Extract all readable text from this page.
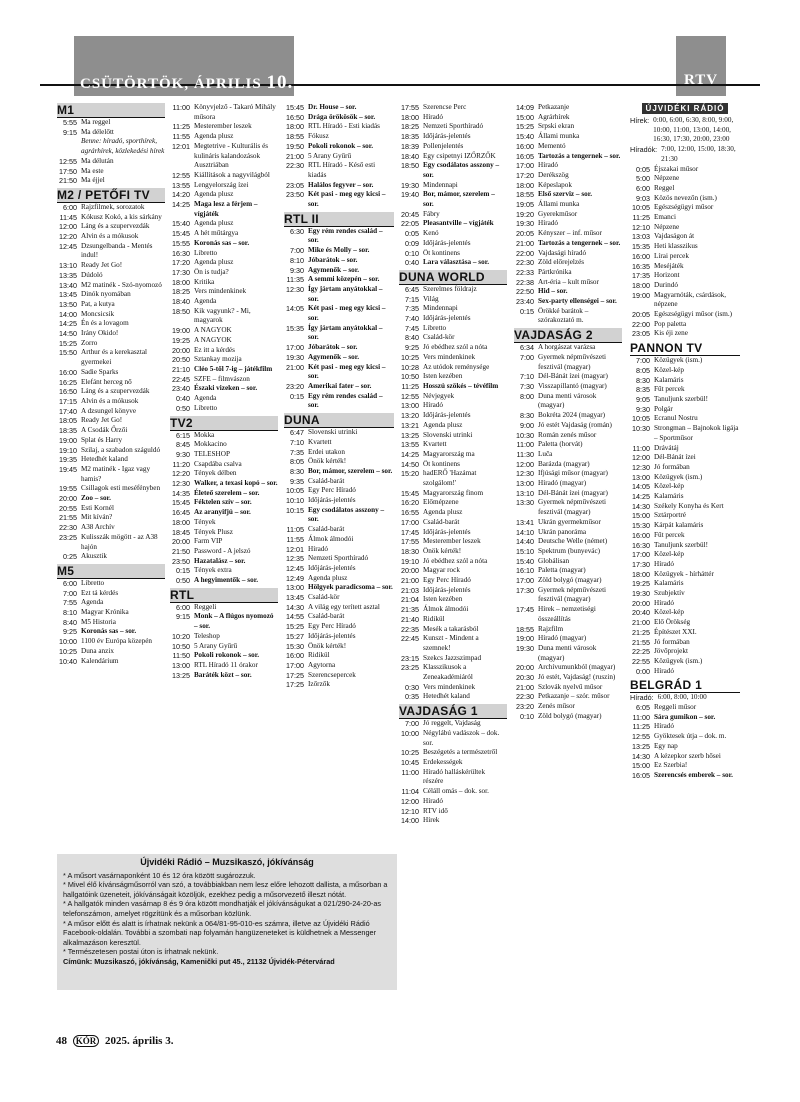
CSÜTÖRTÖK, ÁPRILIS 10.	RTV
M1
5:55 Ma reggel
9:15 Ma délelőtt
Benne: híradó, sporthírek, agrárhírek, közlekedési hírek
12:55 Ma délután
17:50 Ma este
21:50 Ma éjjel
M2 / PETŐFI TV
6:00 Rajzfilmek, sorozatok
11:45 Kókusz Kokó, a kis sárkány
12:00 Láng és a szupervezdák
12:20 Alvin és a mókusok
12:45 Dzsungelbanda - Mentés indul!
13:10 Ready Jet Go!
13:35 Dúdoló
13:40 M2 matinék - Szó-nyomozó
13:45 Dinók nyomában
13:50 Pat, a kutya
14:00 Moncsicsik
14:25 Én és a lovagom
14:50 Irány Okido!
15:25 Zorro
15:50 Arthur és a kerekasztal gyermekei
16:00 Sadie Sparks
16:25 Elefánt herceg nő
16:50 Láng és a szupervezdák
17:15 Alvin és a mókusok
17:40 A dzsungel könyve
18:05 Ready Jet Go!
18:35 A Csodák Őrzői
19:00 Splat és Harry
19:10 Szilaj, a szabadon száguldó
19:35 Hetedhét kaland
19:45 M2 matinék - Igaz vagy hamis?
19:55 Csillagok esti meséfényben
20:00 Zoo – sor.
20:55 Esti Kornél
21:55 Mit kíván?
22:30 A38 Archív
23:25 Kulisszák mögött - az A38 hajón
0:25 Akusztik
M5
6:00 Libretto
7:00 Ezt tá kérdés
7:55 Agenda
8:10 Magyar Krónika
8:40 M5 Historia
9:25 Koronás sas – sor.
10:00 1100 év Európa közepén
10:25 Duna anzix
10:40 Kalendárium
11:00 Könyvjelző - Takaró Mihály műsora
11:25 Mesterember leszek
11:55 Agenda plusz
12:01 Megtetrive - Kulturális és kulináris kalandozások Ausztriában
12:55 Kiállítások a nagyvilágból
13:55 Lengyelország ízei
14:20 Agenda plusz
14:25 Maga lesz a férjem – vígjáték
15:40 Agenda plusz
15:45 A hét műtárgya
15:55 Koronás sas – sor.
16:30 Libretto
17:20 Agenda plusz
17:30 Ön is tudja?
18:00 Kritika
18:25 Vers mindenkinek
18:40 Agenda
18:50 Kik vagyunk? - Mi, magyarok
19:00 A NAGYOK
19:25 A NAGYOK
20:00 Ez itt a kérdés
20:50 Sztankay mozija
21:10 Cléo 5-től 7-ig – játékfilm
22:45 SZFE – filmvászon
23:40 Északi vizeken – sor.
0:40 Agenda
0:50 Libretto
TV2
6:15 Mokka
8:45 Mokkacino
9:30 TELESHOP
11:20 Csapdába csalva
12:20 Tények délben
12:30 Walker, a texasi kopó – sor.
14:35 Életeő szerelem – sor.
15:45 Féktelen szív – sor.
16:45 Az aranyifjú – sor.
18:00 Tények
18:45 Tények Plusz
20:00 Farm VIP
21:50 Password - A jelszó
23:50 Hazatalász – sor.
0:15 Tények extra
0:50 A hegyimentők – sor.
RTL
6:00 Reggeli
9:15 Monk – A flúgos nyomozó – sor.
10:20 Teleshop
10:50 5 Arany Gyűrű
11:50 Pokoli rokonok – sor.
13:00 RTL Híradó 11 órakor
13:25 Baráték közt – sor.
15:45 Dr. House – sor.
16:50 Drága örökösök – sor.
18:00 RTL Híradó - Esti kiadás
18:55 Fókusz
19:50 Pokoli rokonok – sor.
21:00 5 Arany Gyűrű
22:30 RTL Híradó - Késő esti kiadás
23:05 Halálos fegyver – sor.
23:50 Két pasi - meg egy kicsi – sor.
RTL II
6:30 Egy rém rendes család – sor.
7:00 Mike és Molly – sor.
8:10 Jóbarátok – sor.
9:30 Agymenők – sor.
11:35 A semmi közepén – sor.
12:30 Így jártam anyátokkal – sor.
14:05 Két pasi - meg egy kicsi – sor.
15:35 Így jártam anyátokkal – sor.
17:00 Jóbarátok – sor.
19:30 Agymenők – sor.
21:00 Két pasi - meg egy kicsi – sor.
23:20 Amerikai fater – sor.
0:15 Egy rém rendes család – sor.
DUNA
6:47 Slovenski utrinki
7:10 Kvartett
7:35 Erdei utakon
8:05 Önök kérték!
8:30 Bor, mámor, szerelem – sor.
9:35 Család-barát
10:05 Egy Perc Híradó
10:10 Időjárás-jelentés
10:15 Egy csodálatos asszony – sor.
11:05 Család-barát
11:55 Álmok álmodói
12:01 Híradó
12:35 Nemzeti Sporthíradó
12:45 Időjárás-jelentés
12:49 Agenda plusz
13:00 Hölgyek paradicsoma – sor.
13:45 Család-kör
14:30 A világ egy terített asztal
14:55 Család-barát
15:25 Egy Perc Híradó
15:27 Időjárás-jelentés
15:30 Önök kérték!
16:00 Ridikül
17:00 Agytorna
17:25 Szerencsepercek
17:25 Izőrzők
17:55 Szerencse Perc
18:00 Híradó
18:25 Nemzeti Sporthíradó
18:35 Időjárás-jelentés
18:39 Pollenjelentés
18:40 Egy csipetnyi IZŐRZŐK
18:50 Egy csodálatos asszony – sor.
19:30 Mindennapi
19:40 Bor, mámor, szerelem – sor.
20:45 Fábry
22:05 Pleasantville – vígjáték
0:05 Kenó
0:09 Időjárás-jelentés
0:10 Öt kontinens
0:40 Lara választása – sor.
DUNA WORLD
6:45 Szerelmes földrajz
7:15 Világ
7:35 Mindennapi
7:40 Időjárás-jelentés
7:45 Libretto
8:40 Család-kör
9:25 Jó ebédhez szól a nóta
10:25 Vers mindenkinek
10:28 Az utódok reménysége
10:50 Isten kezében
11:25 Hosszú szökés – tévéfilm
12:55 Névjegyek
13:00 Híradó
13:20 Időjárás-jelentés
13:21 Agenda plusz
13:25 Slovenski utrinki
13:55 Kvartett
14:25 Magyarország ma
14:50 Öt kontinens
15:20 hadERŐ 'Hazámat szolgálom!'
15:45 Magyarország finom
16:20 Előmépzene
16:55 Agenda plusz
17:00 Család-barát
17:45 Időjárás-jelentés
17:55 Mesterember leszek
18:30 Önök kérték!
19:10 Jó ebédhez szól a nóta
20:00 Magyar rock
21:00 Egy Perc Híradó
21:03 Időjárás-jelentés
21:04 Isten kezében
21:35 Álmok álmodói
21:40 Ridikül
22:35 Mesék a takarásból
22:45 Kunszt - Mindent a szemnek!
23:15 Szekcs Jazzszimpad
23:25 Klasszikusok a Zeneakadémiáról
0:30 Vers mindenkinek
0:35 Hetedhét kaland
VAJDASÁG 1
7:00 Jó reggelt, Vajdaság
10:00 Négylábú vadászok – dok. sor.
10:25 Beszégetés a természetről
10:45 Erdekességek
11:00 Híradó halláskérültek részére
11:04 Céláll omás – dok. sor.
12:00 Híradó
12:10 RTV idő
14:00 Hírek
14:09 Petkazanje
15:00 Agrárhírek
15:25 Srpski ekran
15:40 Állami munka
16:00 Mementó
16:05 Tartozás a tengernek – sor.
17:00 Híradó
17:20 Derékszög
18:00 Képeslapok
18:55 Első szerviz – sor.
19:05 Állami munka
19:20 Gyerekműsor
19:30 Híradó
20:05 Kényszer – inf. műsor
21:00 Tartozás a tengernek – sor.
22:00 Vajdasági híradó
22:30 Zöld előrejelzés
22:33 Pártkrónika
22:38 Art-éria – kult műsor
22:50 Hid – sor.
23:40 Sex-party ellenségei – sor.
0:15 Örökké barátok – szórakoztató m.
VAJDASÁG 2
6:34 A horgászat varázsa
7:00 Gyermek népművészeti fesztivál (magyar)
7:10 Dél-Bánát ízei (magyar)
7:30 Visszapillantó (magyar)
8:00 Duna menti városok (magyar)
8:30 Bokréta 2024 (magyar)
9:00 Jó estét Vajdaság (román)
10:30 Román zenés műsor
11:00 Paletta (horvát)
11:30 Luča
12:00 Barázda (magyar)
12:30 Ifjúsági műsor (magyar)
13:00 Híradó (magyar)
13:10 Dél-Bánát ízei (magyar)
13:30 Gyermek népművészeti fesztivál (magyar)
13:41 Ukrán gyermekműsor
14:10 Ukrán panoráma
14:40 Deutsche Welle (német)
15:10 Spektrum (bunyevác)
15:40 Globálisan
16:10 Paletta (magyar)
17:00 Zöld bolygó (magyar)
17:30 Gyermek népművészeti fesztivál (magyar)
17:45 Hírek – nemzetiségi összeállítás
18:55 Rajzfilm
19:00 Híradó (magyar)
19:30 Duna menti városok (magyar)
20:00 Archívumunkból (magyar)
20:30 Jó estét, Vajdaság! (ruszin)
21:00 Szlovák nyelvű műsor
22:30 Petkazanje – szór. műsor
23:20 Zenés műsor
0:10 Zöld bolygó (magyar)
ÚJVIDÉKI RÁDIÓ
Hírek: 0:00, 6:00, 6:30, 8:00, 9:00, 10:00, 11:00, 13:00, 14:00, 16:30, 17:30, 20:00, 23:00
Híradók: 7:00, 12:00, 15:00, 18:30, 21:30
0:05 Éjszakai műsor
5:00 Népzene
6:00 Reggel
9:03 Közös nevezőn (ism.)
10:05 Egészségügyi műsor
11:25 Emanci
12:10 Népzene
13:03 Vajdaságon át
15:35 Heti klasszikus
16:00 Lírai percek
16:35 Meséjáték
17:35 Horizont
18:00 Durindó
19:00 Magyarnóták, csárdások, népzene
20:05 Egészségügyi műsor (ism.)
22:00 Pop paletta
23:05 Kis éji zene
PANNON TV
7:00 Közügyek (ism.)
8:05 Közel-kép
8:30 Kalamáris
8:35 Fűt percek
9:05 Tanuljunk szerbül!
9:30 Polgár
10:05 Ecranul Nostru
10:30 Strongman – Bajnokok ligája – Sportműsor
11:00 Drávátáj
12:00 Dél-Bánát ízei
12:30 Jó formában
13:00 Közügyek (ism.)
14:05 Közel-kép
14:25 Kalamáris
14:30 Székely Konyha és Kert
15:00 Sztárportré
15:30 Kárpát kalamáris
16:00 Fűt percek
16:30 Tanuljunk szerbül!
17:00 Közel-kép
17:30 Híradó
18:00 Közügyek - hírháttér
19:25 Kalamáris
19:30 Szubjektív
20:00 Híradó
20:40 Közel-kép
21:00 Elő Örökség
21:25 Építészet XXI.
21:55 Jó formában
22:25 Jövőprojekt
22:55 Közügyek (ism.)
0:00 Híradó
BELGRÁD 1
Híradó: 6:00, 8:00, 10:00
6:05 Reggeli műsor
11:00 Sára gumikon – sor.
11:25 Híradó
12:55 Gyöktesek útja – dok. m.
13:25 Egy nap
14:30 A kézepkor szerb hősei
15:00 Ez Szerbia!
16:05 Szerencsés emberek – sor.
Újvidéki Rádió – Muzsikaszó, jókívánság

* A műsort vasárnaponként 10 és 12 óra között sugározzuk.

* Mivel élő kívánságműsorról van szó, a továbbiakban nem lesz előre lehozott dallista, a műsorban a hallgatóink üzeneteit, jókívánságait közöljük, ezekhez pedig a műsorvezető illeszt nótát.

* A hallgatók minden vasárnap 8 és 9 óra között mondhatják el jókívánságukat a 021/290-24-20-as telefonszámon, amelyet rögzítünk és a műsorban közlünk.

* A műsor előtt és alatt is írhatnak nekünk a 064/81-95-010-es számra, illetve az Újvidéki Rádió Facebook-oldalán. További a szombati nap folyamán hangüzeneteket is küldhetnek a Messenger alkalmazáson keresztül.

* Természetesen postai úton is írhatnak nekünk.

Címünk: Muzsikaszó, jókívánság, Kamenički put 45., 21132 Újvidék-Pétervárad

48 KÓR 2025. április 3.
